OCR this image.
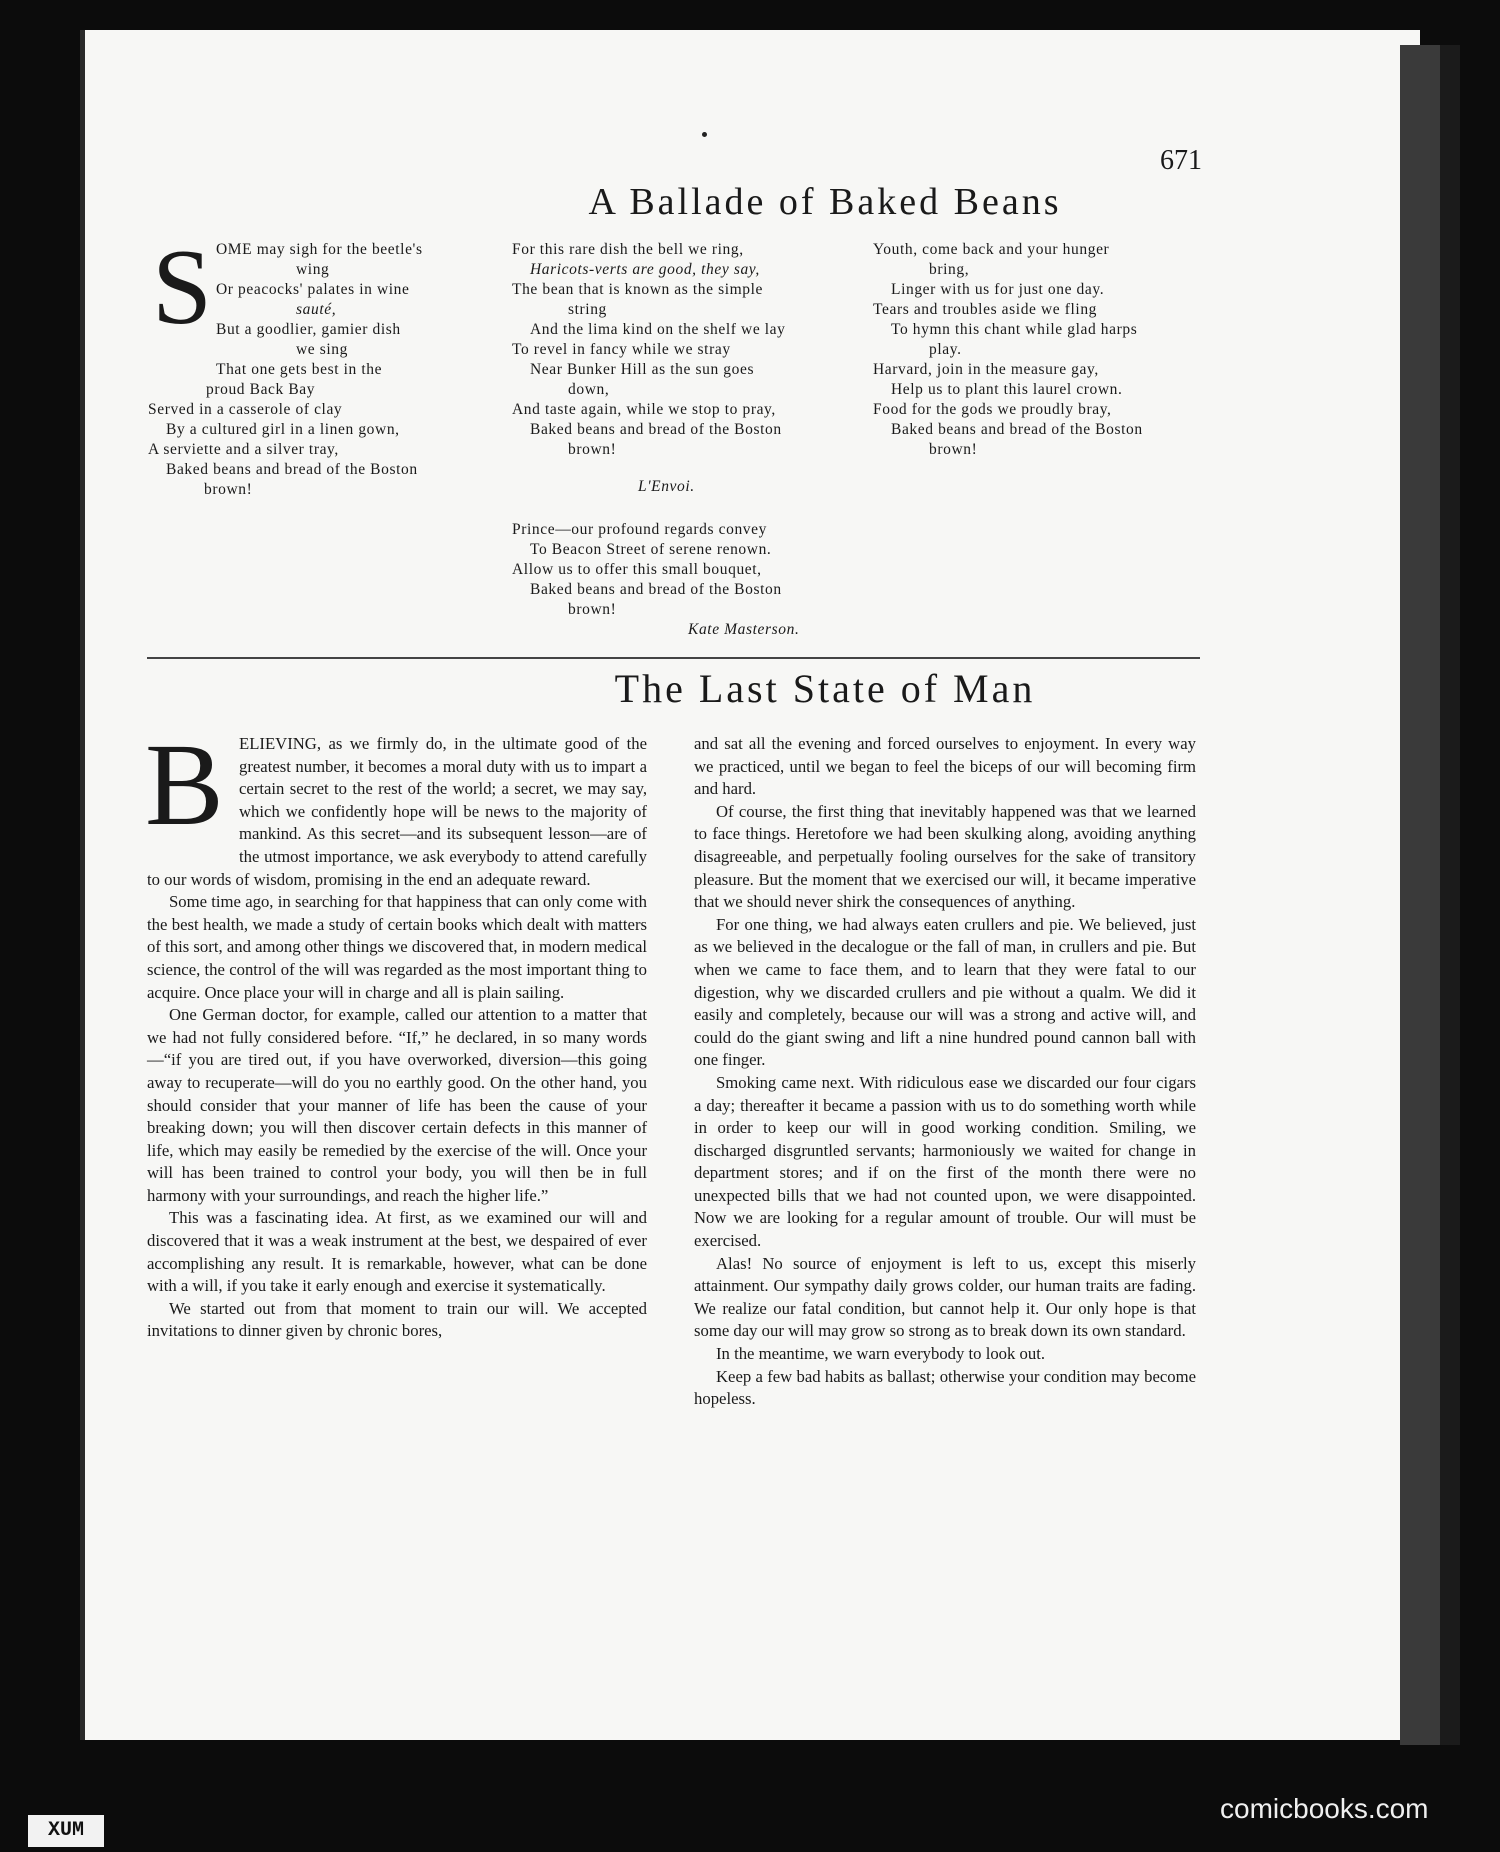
671
A Ballade of Baked Beans
S OME may sigh for the beetle's
wing
Or peacocks' palates in wine
sauté,
But a goodlier, gamier dish
we sing
That one gets best in the
proud Back Bay
Served in a casserole of clay
By a cultured girl in a linen gown,
A serviette and a silver tray,
Baked beans and bread of the Boston
brown!
For this rare dish the bell we ring,
Haricots-verts are good, they say,
The bean that is known as the simple
string
And the lima kind on the shelf we lay
To revel in fancy while we stray
Near Bunker Hill as the sun goes
down,
And taste again, while we stop to pray,
Baked beans and bread of the Boston
brown!
L'Envoi.
Prince—our profound regards convey
To Beacon Street of serene renown.
Allow us to offer this small bouquet,
Baked beans and bread of the Boston
brown!
Kate Masterson.
Youth, come back and your hunger
bring,
Linger with us for just one day.
Tears and troubles aside we fling
To hymn this chant while glad harps
play.
Harvard, join in the measure gay,
Help us to plant this laurel crown.
Food for the gods we proudly bray,
Baked beans and bread of the Boston
brown!
The Last State of Man
B ELIEVING, as we firmly do, in the ultimate good of the greatest number, it becomes a moral duty with us to impart a certain secret to the rest of the world; a secret, we may say, which we confidently hope will be news to the majority of mankind. As this secret—and its subsequent lesson—are of the utmost importance, we ask everybody to attend carefully to our words of wisdom, promising in the end an adequate reward.

Some time ago, in searching for that happiness that can only come with the best health, we made a study of certain books which dealt with matters of this sort, and among other things we discovered that, in modern medical science, the control of the will was regarded as the most important thing to acquire. Once place your will in charge and all is plain sailing.

One German doctor, for example, called our attention to a matter that we had not fully considered before. “If,” he declared, in so many words—“if you are tired out, if you have overworked, diversion—this going away to recuperate—will do you no earthly good. On the other hand, you should consider that your manner of life has been the cause of your breaking down; you will then discover certain defects in this manner of life, which may easily be remedied by the exercise of the will. Once your will has been trained to control your body, you will then be in full harmony with your surroundings, and reach the higher life.”

This was a fascinating idea. At first, as we examined our will and discovered that it was a weak instrument at the best, we despaired of ever accomplishing any result. It is remarkable, however, what can be done with a will, if you take it early enough and exercise it systematically.

We started out from that moment to train our will. We accepted invitations to dinner given by chronic bores,

and sat all the evening and forced ourselves to enjoyment. In every way we practiced, until we began to feel the biceps of our will becoming firm and hard.

Of course, the first thing that inevitably happened was that we learned to face things. Heretofore we had been skulking along, avoiding anything disagreeable, and perpetually fooling ourselves for the sake of transitory pleasure. But the moment that we exercised our will, it became imperative that we should never shirk the consequences of anything.

For one thing, we had always eaten crullers and pie. We believed, just as we believed in the decalogue or the fall of man, in crullers and pie. But when we came to face them, and to learn that they were fatal to our digestion, why we discarded crullers and pie without a qualm. We did it easily and completely, because our will was a strong and active will, and could do the giant swing and lift a nine hundred pound cannon ball with one finger.

Smoking came next. With ridiculous ease we discarded our four cigars a day; thereafter it became a passion with us to do something worth while in order to keep our will in good working condition. Smiling, we discharged disgruntled servants; harmoniously we waited for change in department stores; and if on the first of the month there were no unexpected bills that we had not counted upon, we were disappointed. Now we are looking for a regular amount of trouble. Our will must be exercised.

Alas! No source of enjoyment is left to us, except this miserly attainment. Our sympathy daily grows colder, our human traits are fading. We realize our fatal condition, but cannot help it. Our only hope is that some day our will may grow so strong as to break down its own standard.

In the meantime, we warn everybody to look out.

Keep a few bad habits as ballast; otherwise your condition may become hopeless.

XUM
comicbooks.com
